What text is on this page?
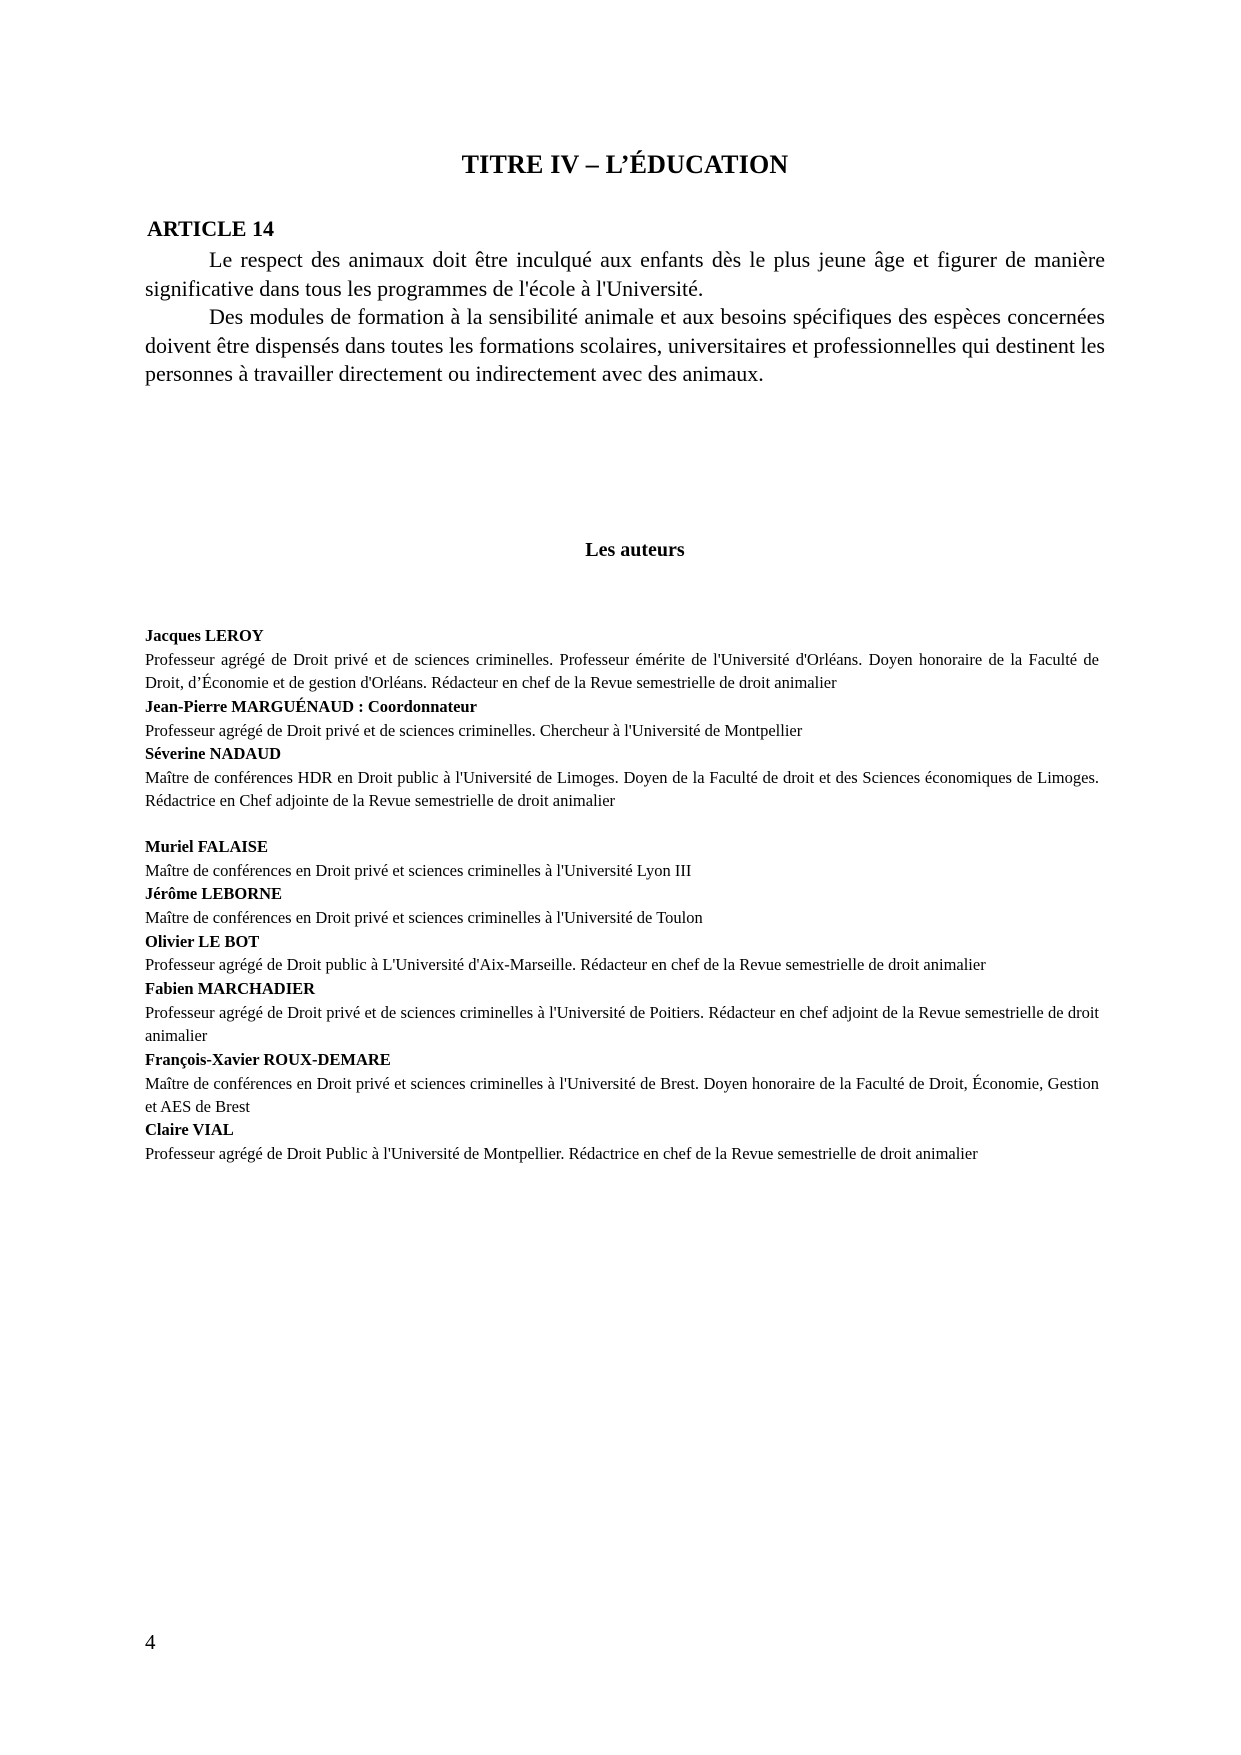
TITRE IV – L’ÉDUCATION
ARTICLE 14

Le respect des animaux doit être inculqué aux enfants dès le plus jeune âge et figurer de manière significative dans tous les programmes de l'école à l'Université.

Des modules de formation à la sensibilité animale et aux besoins spécifiques des espèces concernées doivent être dispensés dans toutes les formations scolaires, universitaires et professionnelles qui destinent les personnes à travailler directement ou indirectement avec des animaux.

Les auteurs
Jacques LEROY
Professeur agrégé de Droit privé et de sciences criminelles. Professeur émérite de l'Université d'Orléans. Doyen honoraire de la Faculté de Droit, d’Économie et de gestion d'Orléans. Rédacteur en chef de la Revue semestrielle de droit animalier
Jean-Pierre MARGUÉNAUD : Coordonnateur
Professeur agrégé de Droit privé et de sciences criminelles. Chercheur à l'Université de Montpellier
Séverine NADAUD
Maître de conférences HDR en Droit public à l'Université de Limoges. Doyen de la Faculté de droit et des Sciences économiques de Limoges. Rédactrice en Chef adjointe de la Revue semestrielle de droit animalier
Muriel FALAISE
Maître de conférences en Droit privé et sciences criminelles à l'Université Lyon III
Jérôme LEBORNE
Maître de conférences en Droit privé et sciences criminelles à l'Université de Toulon
Olivier LE BOT
Professeur agrégé de Droit public à L'Université d'Aix-Marseille. Rédacteur en chef de la Revue semestrielle de droit animalier
Fabien MARCHADIER
Professeur agrégé de Droit privé et de sciences criminelles à l'Université de Poitiers. Rédacteur en chef adjoint de la Revue semestrielle de droit animalier
François-Xavier ROUX-DEMARE
Maître de conférences en Droit privé et sciences criminelles à l'Université de Brest. Doyen honoraire de la Faculté de Droit, Économie, Gestion et AES de Brest
Claire VIAL
Professeur agrégé de Droit Public à l'Université de Montpellier. Rédactrice en chef de la Revue semestrielle de droit animalier
4
